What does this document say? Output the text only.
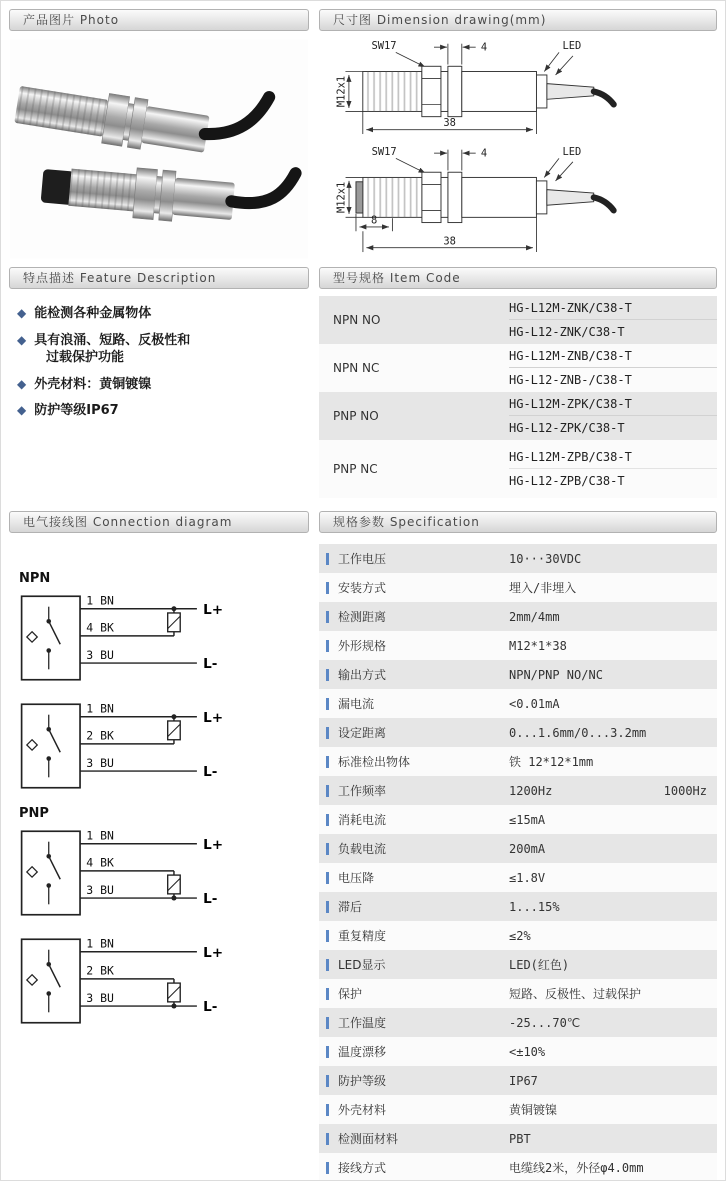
产品图片 Photo	尺寸图 Dimension drawing(mm)
SW17	4	LED
M12x1
38
SW17	4	LED
M12x1
8
38
特点描述 Feature Description
◆ 能检测各种金属物体
◆ 具有浪涌、短路、反极性和
过载保护功能
◆ 外壳材料：黄铜镀镍
◆ 防护等级IP67
型号规格 Item Code
NPN NO
HG-L12M-ZNK/C38-T
HG-L12-ZNK/C38-T
NPN NC
HG-L12M-ZNB/C38-T
HG-L12-ZNB-/C38-T
PNP NO
HG-L12M-ZPK/C38-T
HG-L12-ZPK/C38-T
PNP NC
HG-L12M-ZPB/C38-T
HG-L12-ZPB/C38-T
电气接线图 Connection diagram
NPN
1 BN
4 BK
3 BU
L+
L-
1 BN
2 BK
3 BU
L+
L-
PNP
1 BN
4 BK
3 BU
L+
L-
1 BN
2 BK
3 BU
L+
L-
规格参数 Specification
工作电压	10···30VDC
安装方式	埋入/非埋入
检测距离	2mm/4mm
外形规格	M12*1*38
输出方式	NPN/PNP NO/NC
漏电流	<0.01mA
设定距离	0...1.6mm/0...3.2mm
标准检出物体	铁 12*12*1mm
工作频率	1200Hz	1000Hz
消耗电流	≤15mA
负载电流	200mA
电压降	≤1.8V
滞后	1...15%
重复精度	≤2%
LED显示	LED(红色)
保护	短路、反极性、过载保护
工作温度	-25...70℃
温度漂移	<±10%
防护等级	IP67
外壳材料	黄铜镀镍
检测面材料	PBT
接线方式	电缆线2米，外径φ4.0mm
